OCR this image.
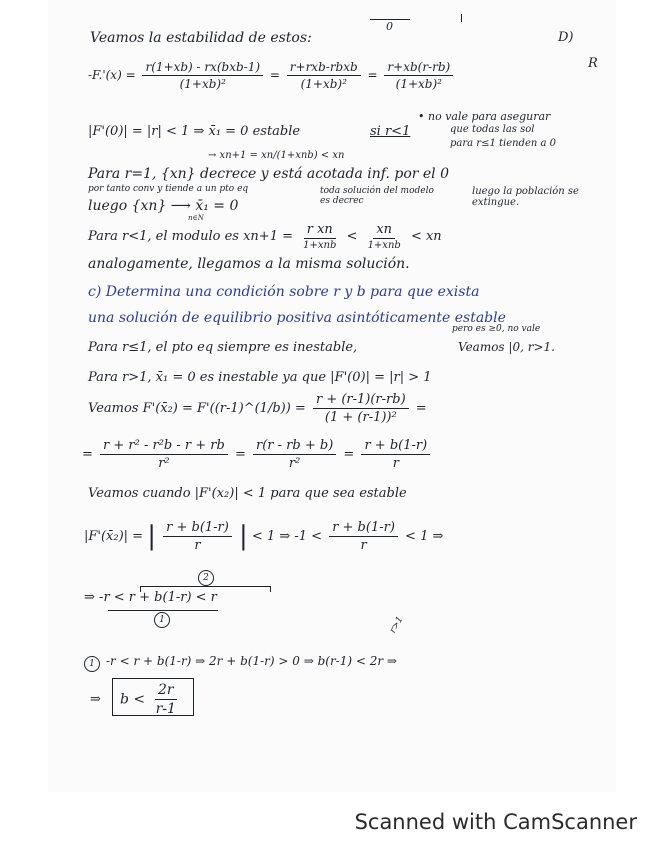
0
D)
R
Veamos la estabilidad de estos:
$-F.'(x) = \frac{\text{r(1+xb) - rx(bxb-1)}}{\text{(1+xb)²}} = \frac{\text{r+rxb-rbxb}}{\text{(1+xb)²}} = \frac{r+xb(r-rb)}{\text{(1+xb)²}}$
• no vale para asegurar
|F'(0)| = |r| < 1 ⇒ x̄₁ = 0 estable	si r<1	que todas las sol
para r≤1 tienden a 0
→ xn+1 = xn/(1+xnb) < xn
Para r=1, {xn} decrece y está acotada inf. por el 0
por tanto conv y tiende a un pto eq	toda solución del modelo es decrec
luego la población se extingue.
luego {xn} ⟶ x̄₁ = 0
n∈N
Para r<1, el modulo es $xn+1 = \frac{\text{r xn}}{\text{1+xnb}} < \frac{xn}{\text{1+xnb}}$ < xn
analogamente, llegamos a la misma solución.
c) Determina una condición sobre r y b para que exista
una solución de equilibrio positiva asintóticamente estable
pero es ≥0, no vale
Para r≤1, el pto eq siempre es inestable,	Veamos |0, r>1.
Para r>1, x̄₁ = 0 es inestable ya que |F'(0)| = |r| > 1
Veamos F'(x̄₂) = F'((r-1)^(1/b)) = $\frac{r + (r-1)(r-rb)}{\text{(1 + (r-1))²}}$ =
= $\frac{\text{r + r² - r²b - r + rb}}{\text{r²}} = \frac{r(r - rb + b)}{\text{r²}} = \frac{r + b(1-r)}{r}$
Veamos cuando |F'(x₂)| < 1 para que sea estable
|F'(x̄₂)| = | $\frac{r + b(1-r)}{r}$ | < 1 ⇒ $-1 < \frac{r + b(1-r)}{r} < 1$ ⇒
2
⇒ -r < r + b(1-r) < r
1	r>1
1 -r < r + b(1-r) ⇒ 2r + b(1-r) > 0 ⇒ b(r-1) < 2r ⇒
⇒ $b < \frac{2r}{r-1}$
Scanned with CamScanner
